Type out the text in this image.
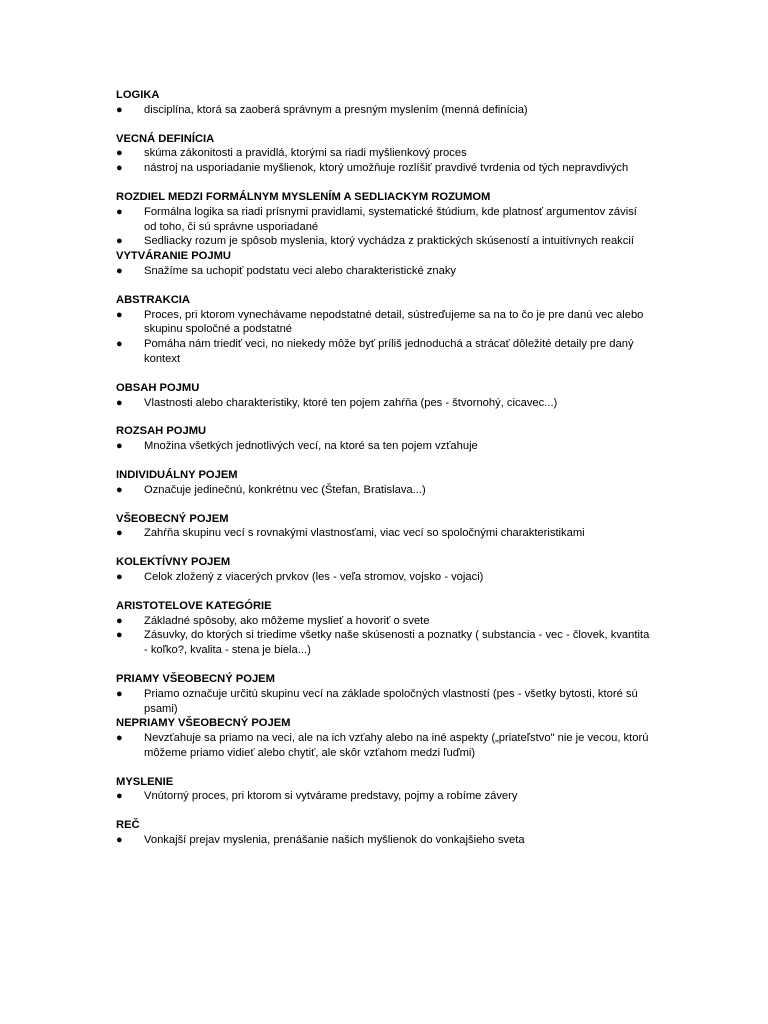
LOGIKA

● disciplína, ktorá sa zaoberá správnym a presným myslením (menná definícia)

VECNÁ DEFINÍCIA

● skúma zákonitosti a pravidlá, ktorými sa riadi myšlienkový proces
● nástroj na usporiadanie myšlienok, ktorý umožňuje rozlíšiť pravdivé tvrdenia od tých nepravdivých

ROZDIEL MEDZI FORMÁLNYM MYSLENÍM A SEDLIACKYM ROZUMOM

● Formálna logika sa riadi prísnymi pravidlami, systematické štúdium, kde platnosť argumentov závisí od toho, či sú správne usporiadané
● Sedliacky rozum je spôsob myslenia, ktorý vychádza z praktických skúseností a intuitívnych reakcií

VYTVÁRANIE POJMU

● Snažíme sa uchopiť podstatu veci alebo charakteristické znaky

ABSTRAKCIA

● Proces, pri ktorom vynechávame nepodstatné detail, sústreďujeme sa na to čo je pre danú vec alebo skupinu spoločné a podstatné
● Pomáha nám triediť veci, no niekedy môže byť príliš jednoduchá a strácať dôležité detaily pre daný kontext

OBSAH POJMU

● Vlastnosti alebo charakteristiky, ktoré ten pojem zahŕňa (pes - štvornohý, cicavec...)

ROZSAH POJMU

● Množina všetkých jednotlivých vecí, na ktoré sa ten pojem vzťahuje

INDIVIDUÁLNY POJEM

● Označuje jedinečnú, konkrétnu vec (Štefan, Bratislava...)

VŠEOBECNÝ POJEM

● Zahŕňa skupinu vecí s rovnakými vlastnosťami, viac vecí so spoločnými charakteristikami

KOLEKTÍVNY POJEM

● Celok zložený z viacerých prvkov (les - veľa stromov, vojsko - vojaci)

ARISTOTELOVE KATEGÓRIE

● Základné spôsoby, ako môžeme myslieť a hovoriť o svete
● Zásuvky, do ktorých si triedime všetky naše skúsenosti a poznatky ( substancia - vec - človek, kvantita - koľko?, kvalita - stena je biela...)

PRIAMY VŠEOBECNÝ POJEM

● Priamo označuje určitú skupinu vecí na základe spoločných vlastností (pes - všetky bytosti, ktoré sú psami)

NEPRIAMY VŠEOBECNÝ POJEM

● Nevzťahuje sa priamo na veci, ale na ich vzťahy alebo na iné aspekty („priateľstvo" nie je vecou, ktorú môžeme priamo vidieť alebo chytiť, ale skôr vzťahom medzi ľuďmi)

MYSLENIE

● Vnútorný proces, pri ktorom si vytvárame predstavy, pojmy a robíme závery

REČ

● Vonkajší prejav myslenia, prenášanie našich myšlienok do vonkajšieho sveta
